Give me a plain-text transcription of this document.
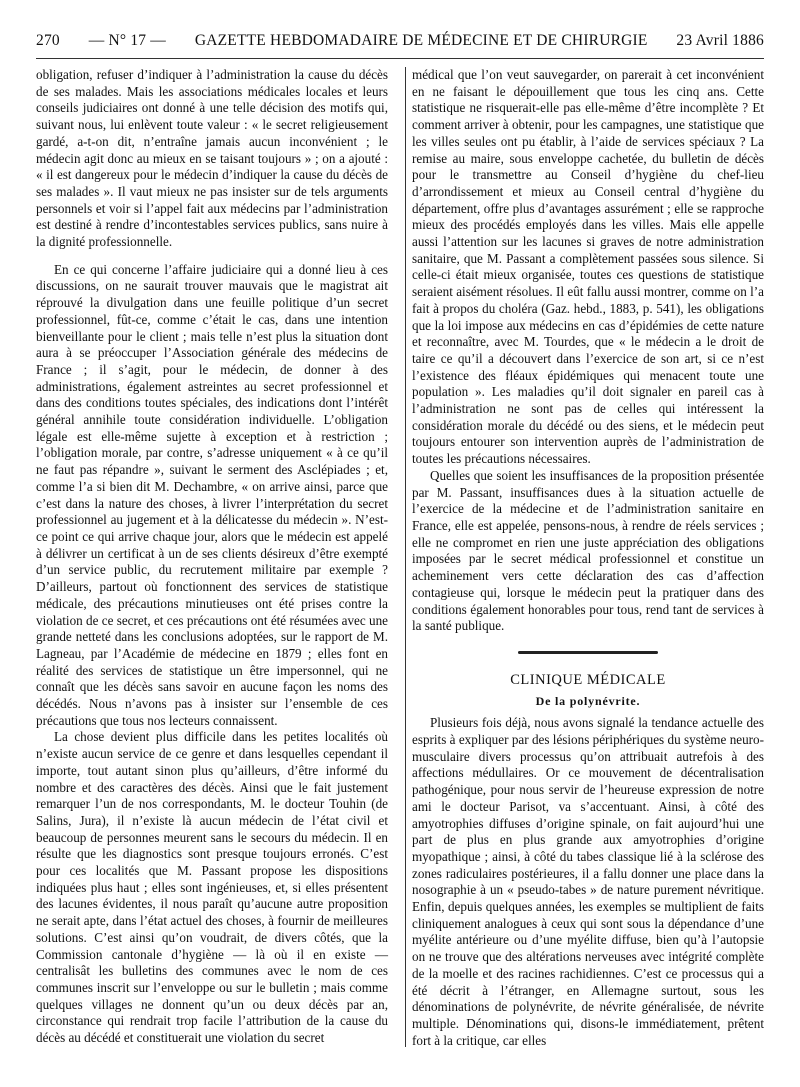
270 — N° 17 — GAZETTE HEBDOMADAIRE DE MÉDECINE ET DE CHIRURGIE 23 Avril 1886

obligation, refuser d’indiquer à l’administration la cause du décès de ses malades. Mais les associations médicales locales et leurs conseils judiciaires ont donné à une telle décision des motifs qui, suivant nous, lui enlèvent toute valeur : « le secret religieusement gardé, a-t-on dit, n’entraîne jamais aucun inconvénient ; le médecin agit donc au mieux en se taisant toujours » ; on a ajouté : « il est dangereux pour le médecin d’indiquer la cause du décès de ses malades ». Il vaut mieux ne pas insister sur de tels arguments personnels et voir si l’appel fait aux médecins par l’administration est destiné à rendre d’incontestables services publics, sans nuire à la dignité professionnelle.

En ce qui concerne l’affaire judiciaire qui a donné lieu à ces discussions, on ne saurait trouver mauvais que le magistrat ait réprouvé la divulgation dans une feuille politique d’un secret professionnel, fût-ce, comme c’était le cas, dans une intention bienveillante pour le client ; mais telle n’est plus la situation dont aura à se préoccuper l’Association générale des médecins de France ; il s’agit, pour le médecin, de donner à des administrations, également astreintes au secret professionnel et dans des conditions toutes spéciales, des indications dont l’intérêt général annihile toute considération individuelle. L’obligation légale est elle-même sujette à exception et à restriction ; l’obligation morale, par contre, s’adresse uniquement « à ce qu’il ne faut pas répandre », suivant le serment des Asclépiades ; et, comme l’a si bien dit M. Dechambre, « on arrive ainsi, parce que c’est dans la nature des choses, à livrer l’interprétation du secret professionnel au jugement et à la délicatesse du médecin ». N’est-ce point ce qui arrive chaque jour, alors que le médecin est appelé à délivrer un certificat à un de ses clients désireux d’être exempté d’un service public, du recrutement militaire par exemple ? D’ailleurs, partout où fonctionnent des services de statistique médicale, des précautions minutieuses ont été prises contre la violation de ce secret, et ces précautions ont été résumées avec une grande netteté dans les conclusions adoptées, sur le rapport de M. Lagneau, par l’Académie de médecine en 1879 ; elles font en réalité des services de statistique un être impersonnel, qui ne connaît que les décès sans savoir en aucune façon les noms des décédés. Nous n’avons pas à insister sur l’ensemble de ces précautions que tous nos lecteurs connaissent.

La chose devient plus difficile dans les petites localités où n’existe aucun service de ce genre et dans lesquelles cependant il importe, tout autant sinon plus qu’ailleurs, d’être informé du nombre et des caractères des décès. Ainsi que le fait justement remarquer l’un de nos correspondants, M. le docteur Touhin (de Salins, Jura), il n’existe là aucun médecin de l’état civil et beaucoup de personnes meurent sans le secours du médecin. Il en résulte que les diagnostics sont presque toujours erronés. C’est pour ces localités que M. Passant propose les dispositions indiquées plus haut ; elles sont ingénieuses, et, si elles présentent des lacunes évidentes, il nous paraît qu’aucune autre proposition ne serait apte, dans l’état actuel des choses, à fournir de meilleures solutions. C’est ainsi qu’on voudrait, de divers côtés, que la Commission cantonale d’hygiène — là où il en existe — centralisât les bulletins des communes avec le nom de ces communes inscrit sur l’enveloppe ou sur le bulletin ; mais comme quelques villages ne donnent qu’un ou deux décès par an, circonstance qui rendrait trop facile l’attribution de la cause du décès au décédé et constituerait une violation du secret

médical que l’on veut sauvegarder, on parerait à cet inconvénient en ne faisant le dépouillement que tous les cinq ans. Cette statistique ne risquerait-elle pas elle-même d’être incomplète ? Et comment arriver à obtenir, pour les campagnes, une statistique que les villes seules ont pu établir, à l’aide de services spéciaux ? La remise au maire, sous enveloppe cachetée, du bulletin de décès pour le transmettre au Conseil d’hygiène du chef-lieu d’arrondissement et mieux au Conseil central d’hygiène du département, offre plus d’avantages assurément ; elle se rapproche mieux des procédés employés dans les villes. Mais elle appelle aussi l’attention sur les lacunes si graves de notre administration sanitaire, que M. Passant a complètement passées sous silence. Si celle-ci était mieux organisée, toutes ces questions de statistique seraient aisément résolues. Il eût fallu aussi montrer, comme on l’a fait à propos du choléra (Gaz. hebd., 1883, p. 541), les obligations que la loi impose aux médecins en cas d’épidémies de cette nature et reconnaître, avec M. Tourdes, que « le médecin a le droit de taire ce qu’il a découvert dans l’exercice de son art, si ce n’est l’existence des fléaux épidémiques qui menacent toute une population ». Les maladies qu’il doit signaler en pareil cas à l’administration ne sont pas de celles qui intéressent la considération morale du décédé ou des siens, et le médecin peut toujours entourer son intervention auprès de l’administration de toutes les précautions nécessaires.

Quelles que soient les insuffisances de la proposition présentée par M. Passant, insuffisances dues à la situation actuelle de l’exercice de la médecine et de l’administration sanitaire en France, elle est appelée, pensons-nous, à rendre de réels services ; elle ne compromet en rien une juste appréciation des obligations imposées par le secret médical professionnel et constitue un acheminement vers cette déclaration des cas d’affection contagieuse qui, lorsque le médecin peut la pratiquer dans des conditions également honorables pour tous, rend tant de services à la santé publique.

CLINIQUE MÉDICALE
De la polynévrite.

Plusieurs fois déjà, nous avons signalé la tendance actuelle des esprits à expliquer par des lésions périphériques du système neuro-musculaire divers processus qu’on attribuait autrefois à des affections médullaires. Or ce mouvement de décentralisation pathogénique, pour nous servir de l’heureuse expression de notre ami le docteur Parisot, va s’accentuant. Ainsi, à côté des amyotrophies diffuses d’origine spinale, on fait aujourd’hui une part de plus en plus grande aux amyotrophies d’origine myopathique ; ainsi, à côté du tabes classique lié à la sclérose des zones radiculaires postérieures, il a fallu donner une place dans la nosographie à un « pseudo-tabes » de nature purement névritique. Enfin, depuis quelques années, les exemples se multiplient de faits cliniquement analogues à ceux qui sont sous la dépendance d’une myélite antérieure ou d’une myélite diffuse, bien qu’à l’autopsie on ne trouve que des altérations nerveuses avec intégrité complète de la moelle et des racines rachidiennes. C’est ce processus qui a été décrit à l’étranger, en Allemagne surtout, sous les dénominations de polynévrite, de névrite généralisée, de névrite multiple. Dénominations qui, disons-le immédiatement, prêtent fort à la critique, car elles
